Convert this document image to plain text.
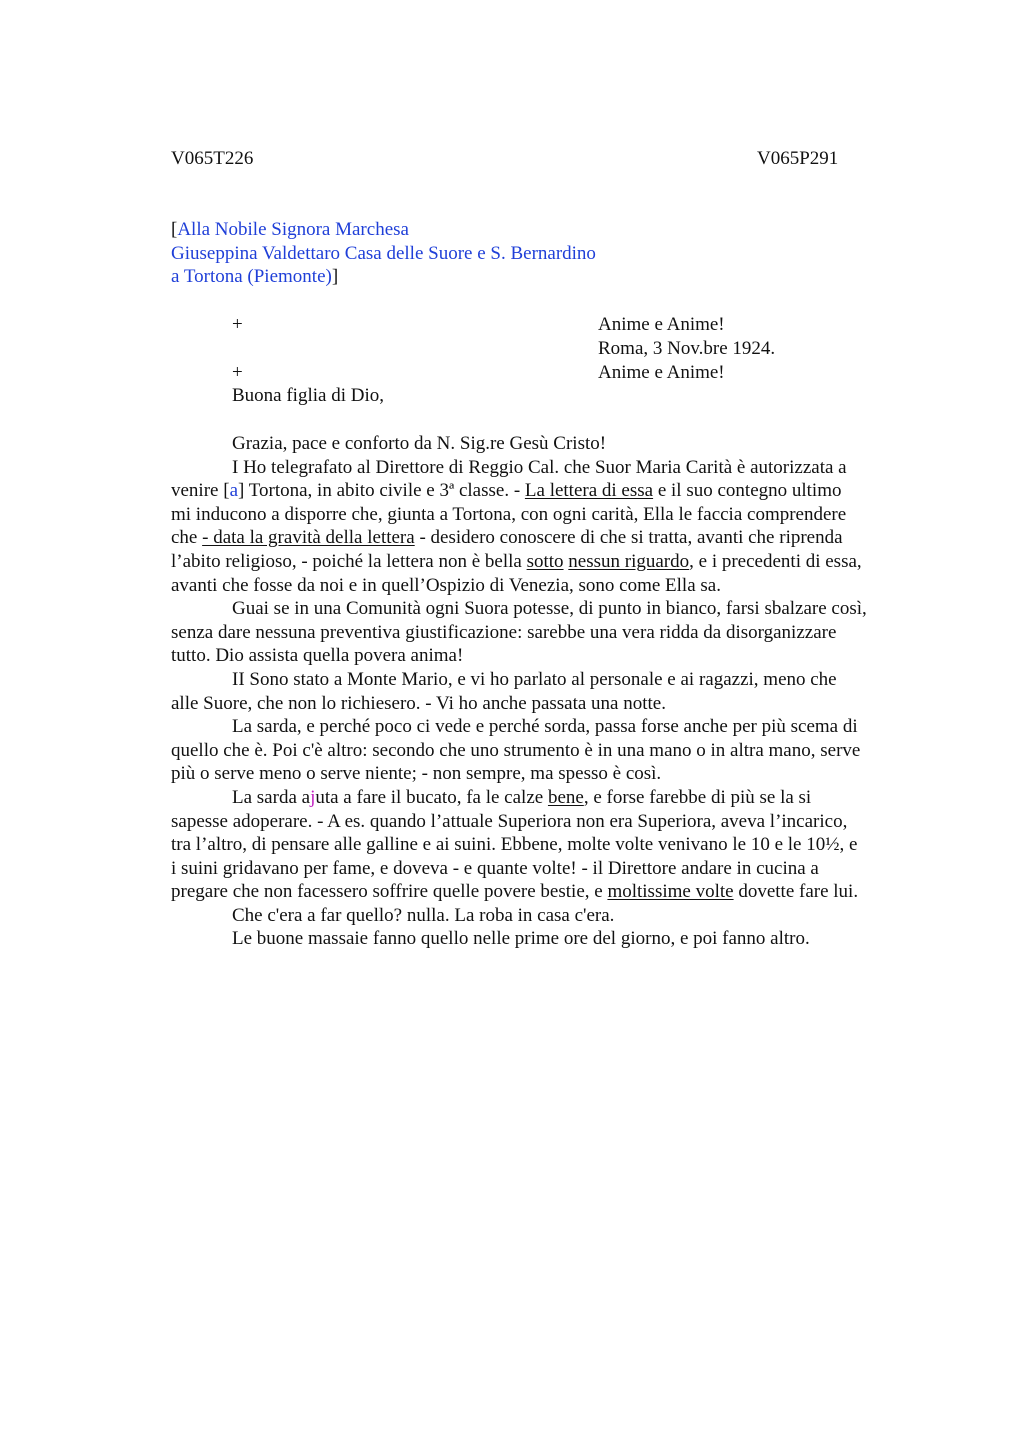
V065T226	V065P291
[Alla Nobile Signora Marchesa
Giuseppina Valdettaro Casa delle Suore e S. Bernardino
a Tortona (Piemonte)]
+	Anime e Anime!
Roma, 3 Nov.bre 1924.
+	Anime e Anime!
Buona figlia di Dio,
Grazia, pace e conforto da N. Sig.re Gesù Cristo!
I Ho telegrafato al Direttore di Reggio Cal. che Suor Maria Carità è autorizzata a
venire [a] Tortona, in abito civile e 3ª classe. - La lettera di essa e il suo contegno ultimo
mi inducono a disporre che, giunta a Tortona, con ogni carità, Ella le faccia comprendere
che - data la gravità della lettera - desidero conoscere di che si tratta, avanti che riprenda
l’abito religioso, - poiché la lettera non è bella sotto nessun riguardo, e i precedenti di essa,
avanti che fosse da noi e in quell’Ospizio di Venezia, sono come Ella sa.
Guai se in una Comunità ogni Suora potesse, di punto in bianco, farsi sbalzare così,
senza dare nessuna preventiva giustificazione: sarebbe una vera ridda da disorganizzare
tutto. Dio assista quella povera anima!
II Sono stato a Monte Mario, e vi ho parlato al personale e ai ragazzi, meno che
alle Suore, che non lo richiesero. - Vi ho anche passata una notte.
La sarda, e perché poco ci vede e perché sorda, passa forse anche per più scema di
quello che è. Poi c'è altro: secondo che uno strumento è in una mano o in altra mano, serve
più o serve meno o serve niente; - non sempre, ma spesso è così.
La sarda ajuta a fare il bucato, fa le calze bene, e forse farebbe di più se la si
sapesse adoperare. - A es. quando l’attuale Superiora non era Superiora, aveva l’incarico,
tra l’altro, di pensare alle galline e ai suini. Ebbene, molte volte venivano le 10 e le 10½, e
i suini gridavano per fame, e doveva - e quante volte! - il Direttore andare in cucina a
pregare che non facessero soffrire quelle povere bestie, e moltissime volte dovette fare lui.
Che c'era a far quello? nulla. La roba in casa c'era.
Le buone massaie fanno quello nelle prime ore del giorno, e poi fanno altro.
